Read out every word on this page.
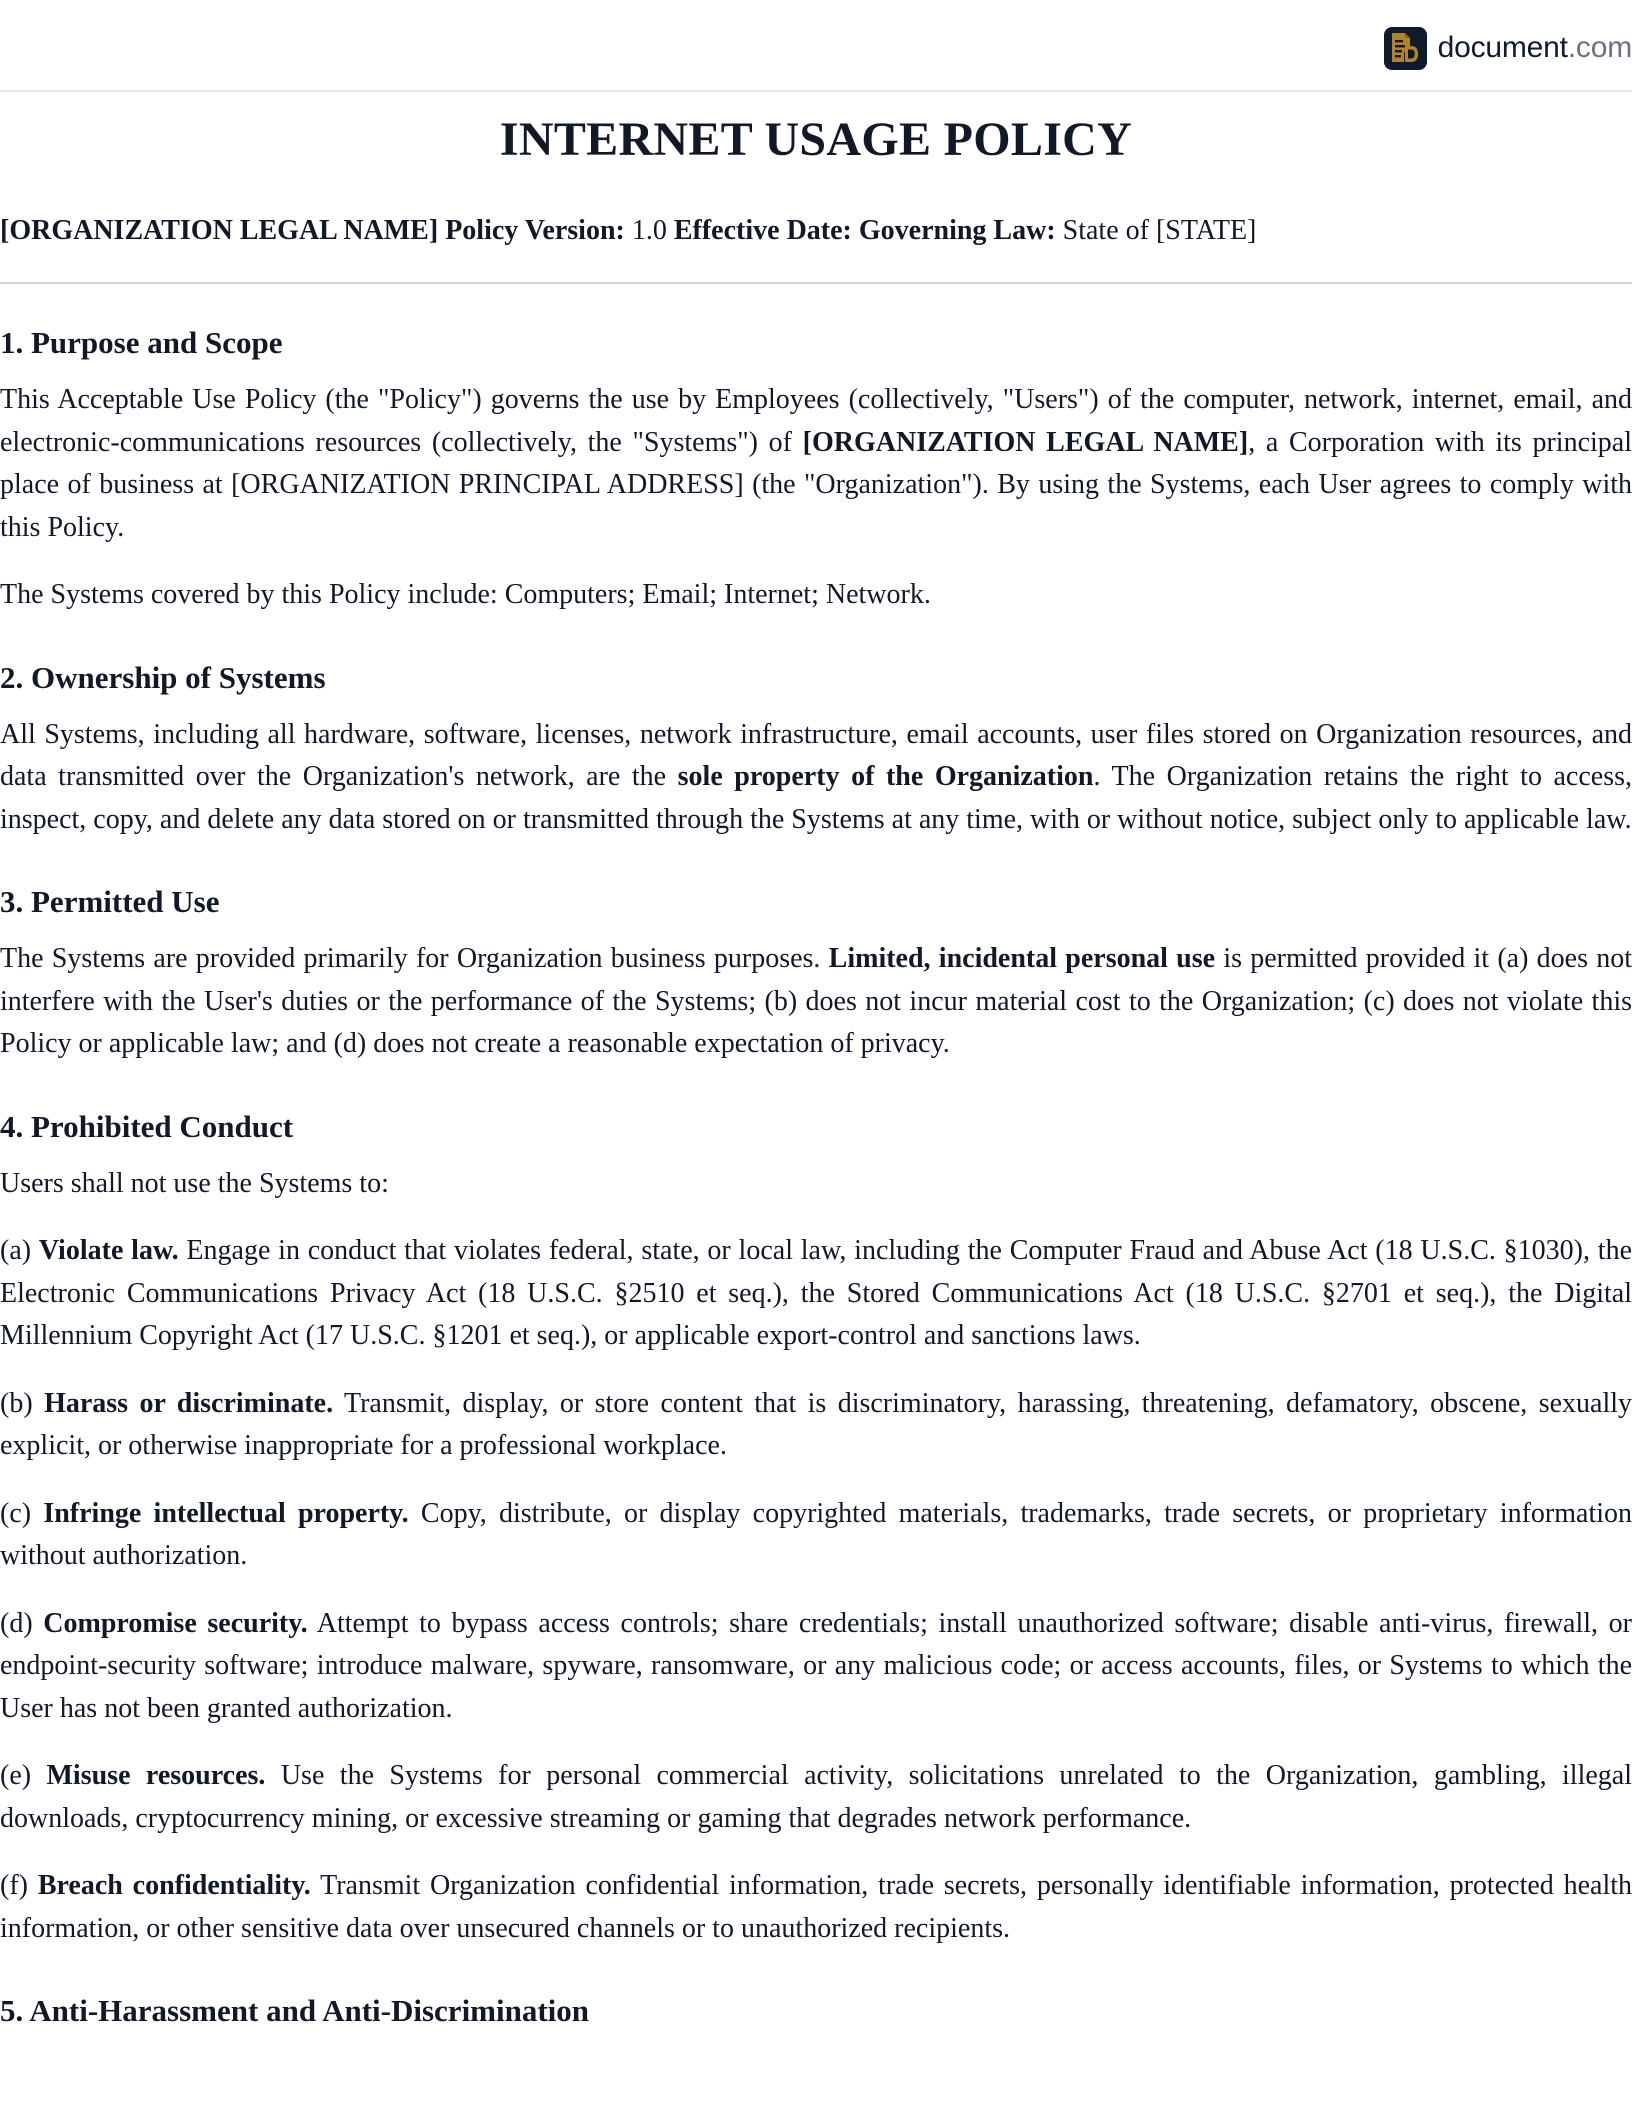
document.com
INTERNET USAGE POLICY

[ORGANIZATION LEGAL NAME] Policy Version: 1.0 Effective Date: Governing Law: State of [STATE]

1. Purpose and Scope

This Acceptable Use Policy (the "Policy") governs the use by Employees (collectively, "Users") of the computer, network, internet, email, and electronic-communications resources (collectively, the "Systems") of [ORGANIZATION LEGAL NAME], a Corporation with its principal place of business at [ORGANIZATION PRINCIPAL ADDRESS] (the "Organization"). By using the Systems, each User agrees to comply with this Policy.

The Systems covered by this Policy include: Computers; Email; Internet; Network.

2. Ownership of Systems

All Systems, including all hardware, software, licenses, network infrastructure, email accounts, user files stored on Organization resources, and data transmitted over the Organization's network, are the sole property of the Organization. The Organization retains the right to access, inspect, copy, and delete any data stored on or transmitted through the Systems at any time, with or without notice, subject only to applicable law.

3. Permitted Use

The Systems are provided primarily for Organization business purposes. Limited, incidental personal use is permitted provided it (a) does not interfere with the User's duties or the performance of the Systems; (b) does not incur material cost to the Organization; (c) does not violate this Policy or applicable law; and (d) does not create a reasonable expectation of privacy.

4. Prohibited Conduct

Users shall not use the Systems to:

(a) Violate law. Engage in conduct that violates federal, state, or local law, including the Computer Fraud and Abuse Act (18 U.S.C. §1030), the Electronic Communications Privacy Act (18 U.S.C. §2510 et seq.), the Stored Communications Act (18 U.S.C. §2701 et seq.), the Digital Millennium Copyright Act (17 U.S.C. §1201 et seq.), or applicable export-control and sanctions laws.

(b) Harass or discriminate. Transmit, display, or store content that is discriminatory, harassing, threatening, defamatory, obscene, sexually explicit, or otherwise inappropriate for a professional workplace.

(c) Infringe intellectual property. Copy, distribute, or display copyrighted materials, trademarks, trade secrets, or proprietary information without authorization.

(d) Compromise security. Attempt to bypass access controls; share credentials; install unauthorized software; disable anti-virus, firewall, or endpoint-security software; introduce malware, spyware, ransomware, or any malicious code; or access accounts, files, or Systems to which the User has not been granted authorization.

(e) Misuse resources. Use the Systems for personal commercial activity, solicitations unrelated to the Organization, gambling, illegal downloads, cryptocurrency mining, or excessive streaming or gaming that degrades network performance.

(f) Breach confidentiality. Transmit Organization confidential information, trade secrets, personally identifiable information, protected health information, or other sensitive data over unsecured channels or to unauthorized recipients.

5. Anti-Harassment and Anti-Discrimination
